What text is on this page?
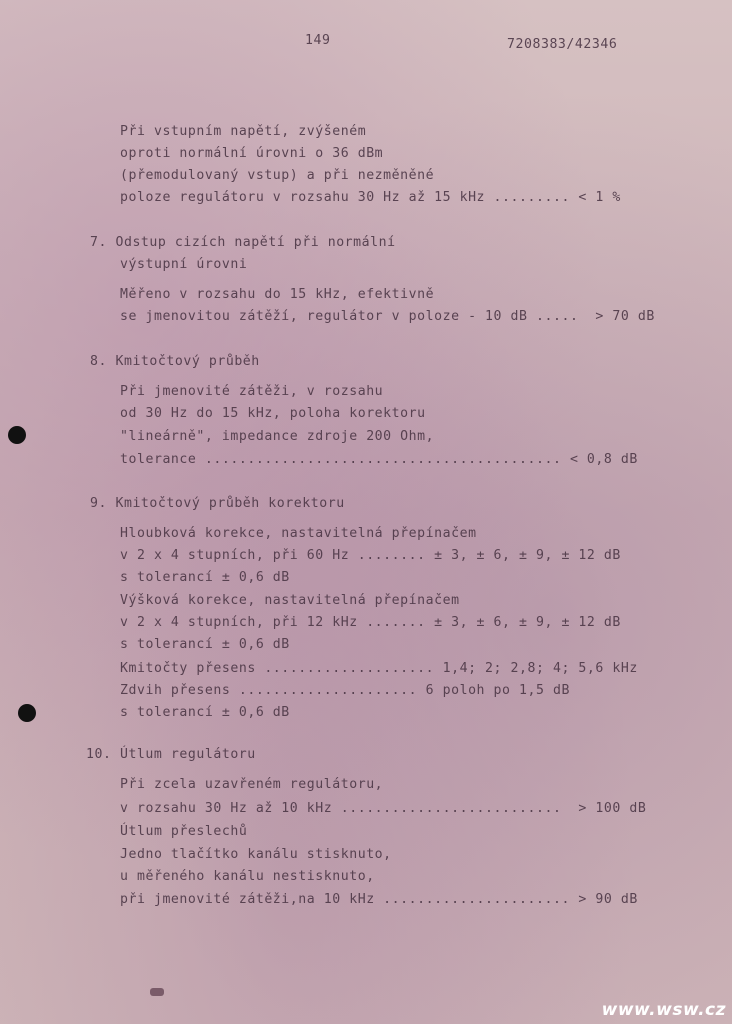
149	7208383/42346
Při vstupním napětí, zvýšeném
oproti normální úrovni o 36 dBm
(přemodulovaný vstup) a při nezměněné
poloze regulátoru v rozsahu 30 Hz až 15 kHz ......... < 1 %
7. Odstup cizích napětí při normální
výstupní úrovni
Měřeno v rozsahu do 15 kHz, efektivně
se jmenovitou zátěží, regulátor v poloze - 10 dB .....  > 70 dB
8. Kmitočtový průběh
Při jmenovité zátěži, v rozsahu
od 30 Hz do 15 kHz, poloha korektoru
"lineárně", impedance zdroje 200 Ohm,
tolerance .......................................... < 0,8 dB
9. Kmitočtový průběh korektoru
Hloubková korekce, nastavitelná přepínačem
v 2 x 4 stupních, při 60 Hz ........ ± 3, ± 6, ± 9, ± 12 dB
s tolerancí ± 0,6 dB
Výšková korekce, nastavitelná přepínačem
v 2 x 4 stupních, při 12 kHz ....... ± 3, ± 6, ± 9, ± 12 dB
s tolerancí ± 0,6 dB
Kmitočty přesens .................... 1,4; 2; 2,8; 4; 5,6 kHz
Zdvih přesens ..................... 6 poloh po 1,5 dB
s tolerancí ± 0,6 dB
10. Útlum regulátoru
Při zcela uzavřeném regulátoru,
v rozsahu 30 Hz až 10 kHz ..........................  > 100 dB
Útlum přeslechů
Jedno tlačítko kanálu stisknuto,
u měřeného kanálu nestisknuto,
při jmenovité zátěži,na 10 kHz ...................... > 90 dB
www.wsw.cz
